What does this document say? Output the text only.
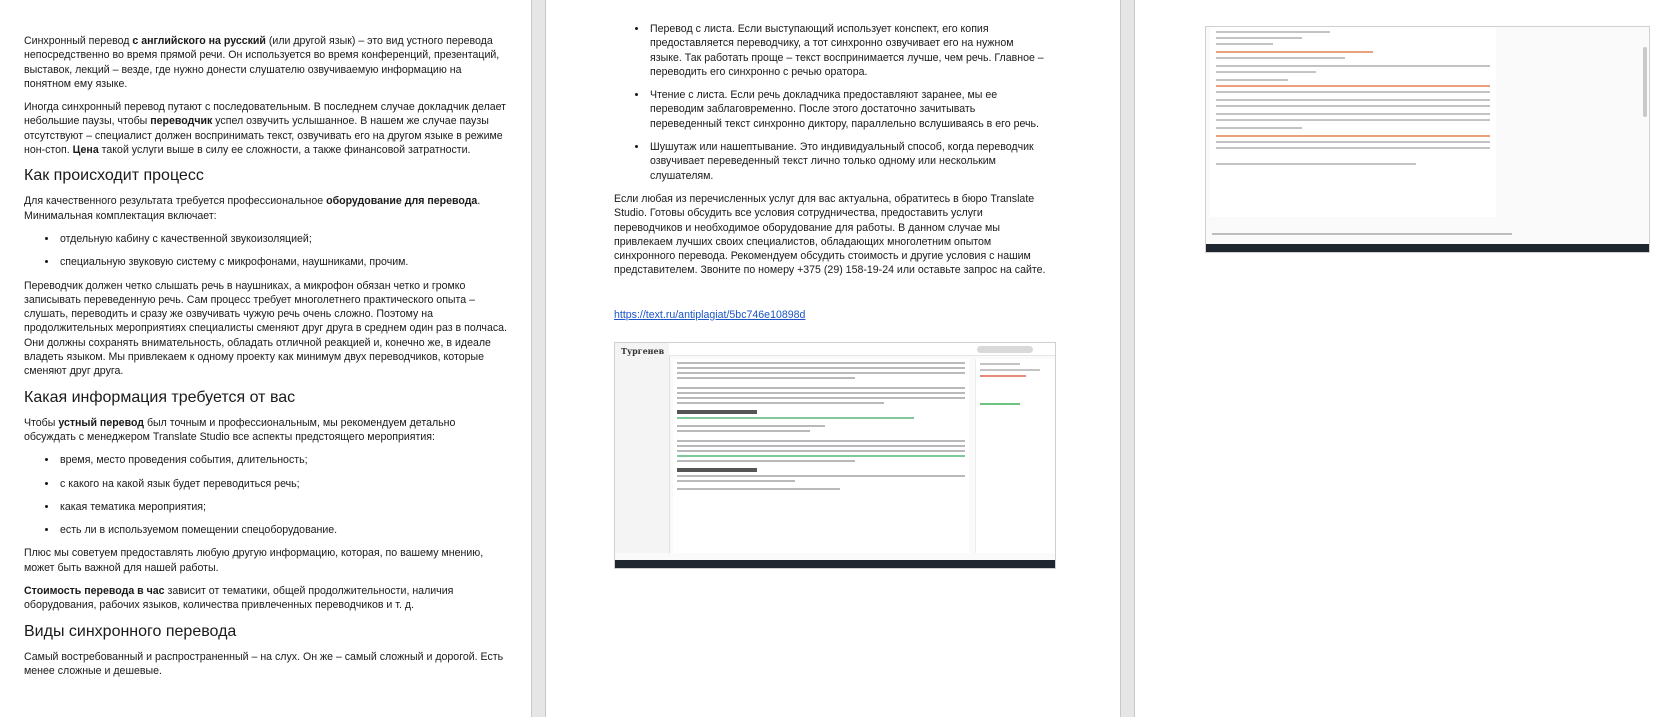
Синхронный перевод с английского на русский (или другой язык) – это вид устного перевода непосредственно во время прямой речи. Он используется во время конференций, презентаций, выставок, лекций – везде, где нужно донести слушателю озвучиваемую информацию на понятном ему языке.

Иногда синхронный перевод путают с последовательным. В последнем случае докладчик делает небольшие паузы, чтобы переводчик успел озвучить услышанное. В нашем же случае паузы отсутствуют – специалист должен воспринимать текст, озвучивать его на другом языке в режиме нон-стоп. Цена такой услуги выше в силу ее сложности, а также финансовой затратности.

Как происходит процесс

Для качественного результата требуется профессиональное оборудование для перевода. Минимальная комплектация включает:

• отдельную кабину с качественной звукоизоляцией;
• специальную звуковую систему с микрофонами, наушниками, прочим.

Переводчик должен четко слышать речь в наушниках, а микрофон обязан четко и громко записывать переведенную речь. Сам процесс требует многолетнего практического опыта – слушать, переводить и сразу же озвучивать чужую речь очень сложно. Поэтому на продолжительных мероприятиях специалисты сменяют друг друга в среднем один раз в полчаса. Они должны сохранять внимательность, обладать отличной реакцией и, конечно же, в идеале владеть языком. Мы привлекаем к одному проекту как минимум двух переводчиков, которые сменяют друг друга.

Какая информация требуется от вас

Чтобы устный перевод был точным и профессиональным, мы рекомендуем детально обсуждать с менеджером Translate Studio все аспекты предстоящего мероприятия:

• время, место проведения события, длительность;
• с какого на какой язык будет переводиться речь;
• какая тематика мероприятия;
• есть ли в используемом помещении спецоборудование.

Плюс мы советуем предоставлять любую другую информацию, которая, по вашему мнению, может быть важной для нашей работы.

Стоимость перевода в час зависит от тематики, общей продолжительности, наличия оборудования, рабочих языков, количества привлеченных переводчиков и т. д.

Виды синхронного перевода

Самый востребованный и распространенный – на слух. Он же – самый сложный и дорогой. Есть менее сложные и дешевые.

• Перевод с листа. Если выступающий использует конспект, его копия предоставляется переводчику, а тот синхронно озвучивает его на нужном языке. Так работать проще – текст воспринимается лучше, чем речь. Главное – переводить его синхронно с речью оратора.
• Чтение с листа. Если речь докладчика предоставляют заранее, мы ее переводим заблаговременно. После этого достаточно зачитывать переведенный текст синхронно диктору, параллельно вслушиваясь в его речь.
• Шушутаж или нашептывание. Это индивидуальный способ, когда переводчик озвучивает переведенный текст лично только одному или нескольким слушателям.

Если любая из перечисленных услуг для вас актуальна, обратитесь в бюро Translate Studio. Готовы обсудить все условия сотрудничества, предоставить услуги переводчиков и необходимое оборудование для работы. В данном случае мы привлекаем лучших своих специалистов, обладающих многолетним опытом синхронного перевода. Рекомендуем обсудить стоимость и другие условия с нашим представителем. Звоните по номеру +375 (29) 158-19-24 или оставьте запрос на сайте.

https://text.ru/antiplagiat/5bc746e10898d

Тургенев
